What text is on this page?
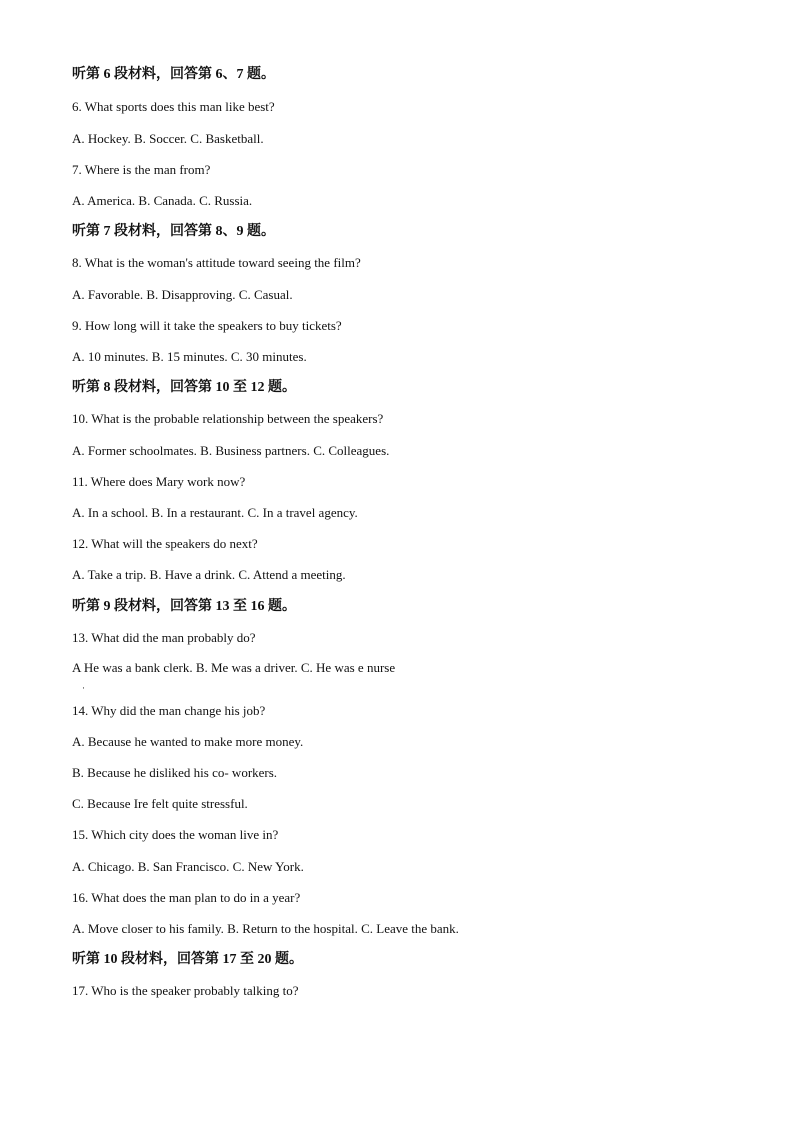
听第 6 段材料，回答第 6、7 题。
6. What sports does this man like best?
A. Hockey. B. Soccer. C. Basketball.
7. Where is the man from?
A. America. B. Canada. C. Russia.
听第 7 段材料，回答第 8、9 题。
8. What is the woman's attitude toward seeing the film?
A. Favorable. B. Disapproving. C. Casual.
9. How long will it take the speakers to buy tickets?
A. 10 minutes. B. 15 minutes. C. 30 minutes.
听第 8 段材料，回答第 10 至 12 题。
10. What is the probable relationship between the speakers?
A. Former schoolmates. B. Business partners. C. Colleagues.
11. Where does Mary work now?
A. In a school. B. In a restaurant. C. In a travel agency.
12. What will the speakers do next?
A. Take a trip. B. Have a drink. C. Attend a meeting.
听第 9 段材料，回答第 13 至 16 题。
13. What did the man probably do?
A He was a bank clerk. B. Me was a driver. C. He was e nurse
·
14. Why did the man change his job?
A. Because he wanted to make more money.
B. Because he disliked his co- workers.
C. Because Ire felt quite stressful.
15. Which city does the woman live in?
A. Chicago. B. San Francisco. C. New York.
16. What does the man plan to do in a year?
A. Move closer to his family. B. Return to the hospital. C. Leave the bank.
听第 10 段材料，回答第 17 至 20 题。
17. Who is the speaker probably talking to?
